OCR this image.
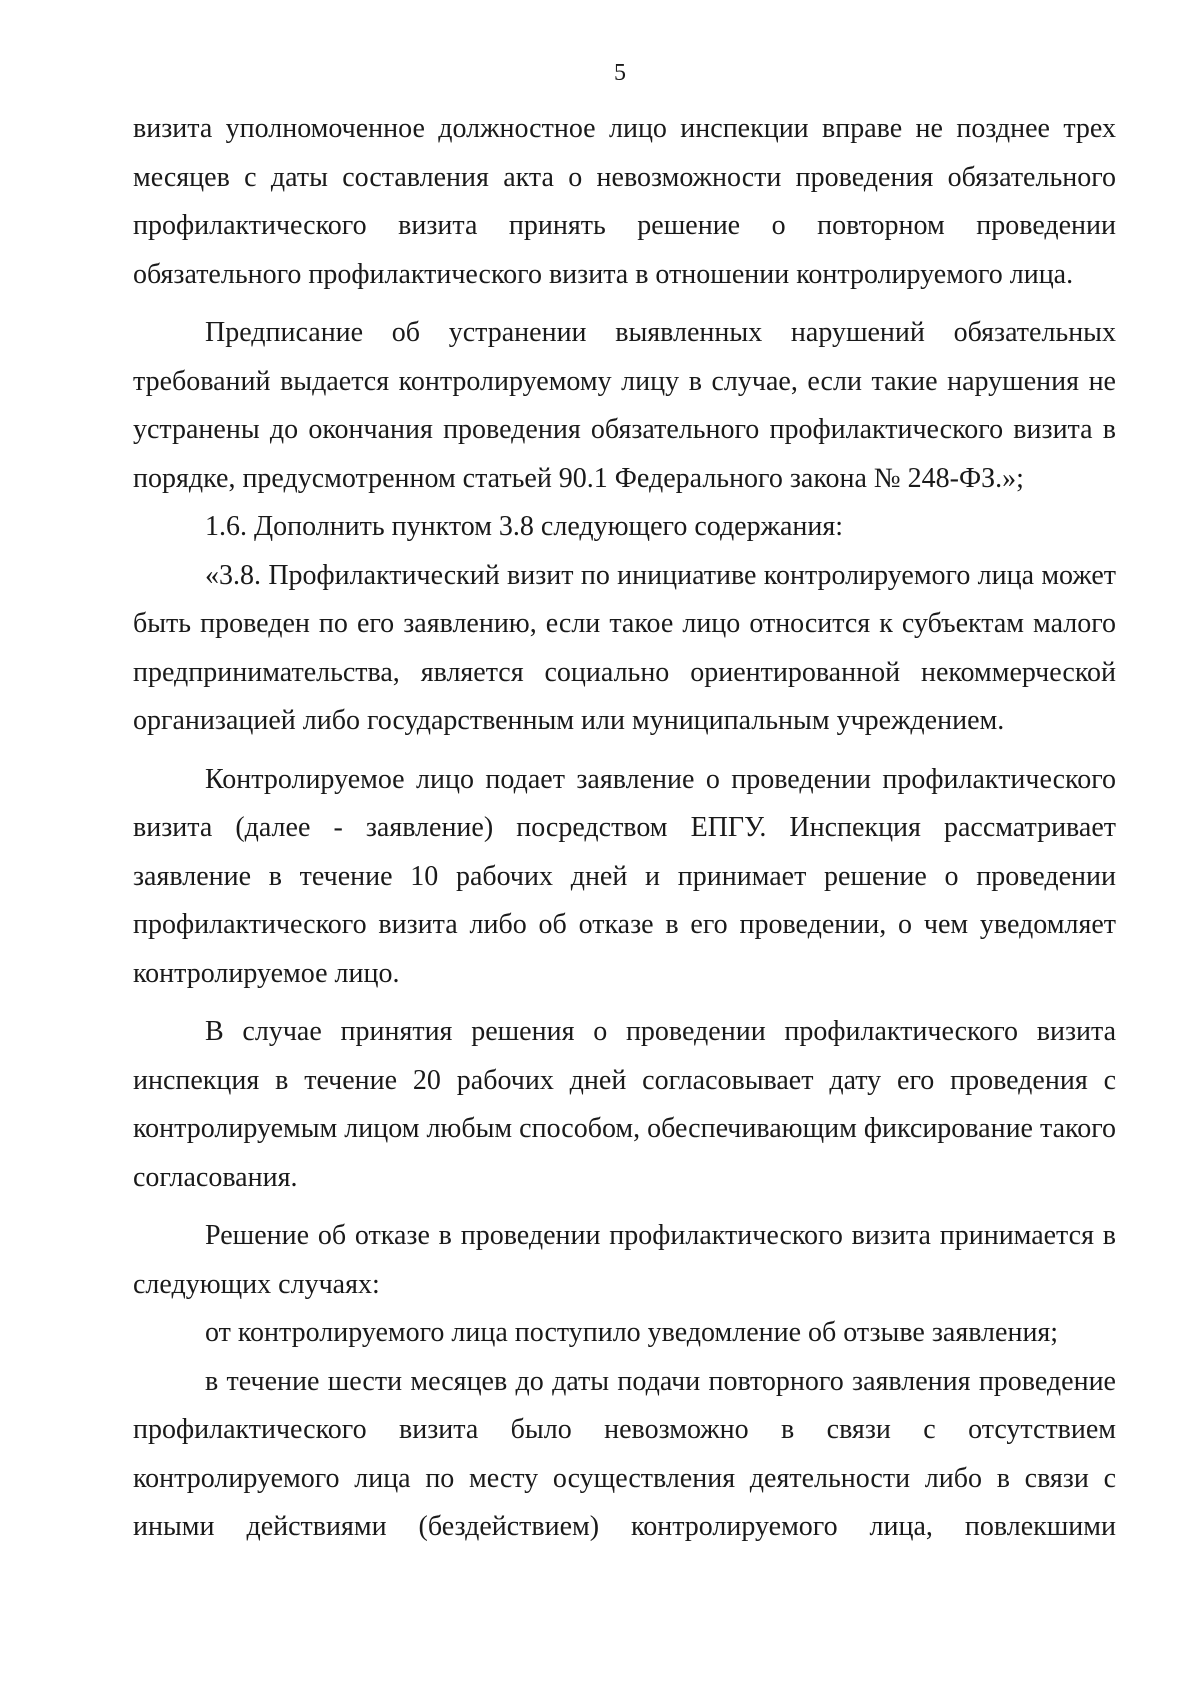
5

визита уполномоченное должностное лицо инспекции вправе не позднее трех месяцев с даты составления акта о невозможности проведения обязательного профилактического визита принять решение о повторном проведении обязательного профилактического визита в отношении контролируемого лица.

Предписание об устранении выявленных нарушений обязательных требований выдается контролируемому лицу в случае, если такие нарушения не устранены до окончания проведения обязательного профилактического визита в порядке, предусмотренном статьей 90.1 Федерального закона № 248-ФЗ.»;

1.6. Дополнить пунктом 3.8 следующего содержания:

«3.8. Профилактический визит по инициативе контролируемого лица может быть проведен по его заявлению, если такое лицо относится к субъектам малого предпринимательства, является социально ориентированной некоммерческой организацией либо государственным или муниципальным учреждением.

Контролируемое лицо подает заявление о проведении профилактического визита (далее - заявление) посредством ЕПГУ. Инспекция рассматривает заявление в течение 10 рабочих дней и принимает решение о проведении профилактического визита либо об отказе в его проведении, о чем уведомляет контролируемое лицо.

В случае принятия решения о проведении профилактического визита инспекция в течение 20 рабочих дней согласовывает дату его проведения с контролируемым лицом любым способом, обеспечивающим фиксирование такого согласования.

Решение об отказе в проведении профилактического визита принимается в следующих случаях:

от контролируемого лица поступило уведомление об отзыве заявления;

в течение шести месяцев до даты подачи повторного заявления проведение профилактического визита было невозможно в связи с отсутствием контролируемого лица по месту осуществления деятельности либо в связи с иными действиями (бездействием) контролируемого лица, повлекшими
